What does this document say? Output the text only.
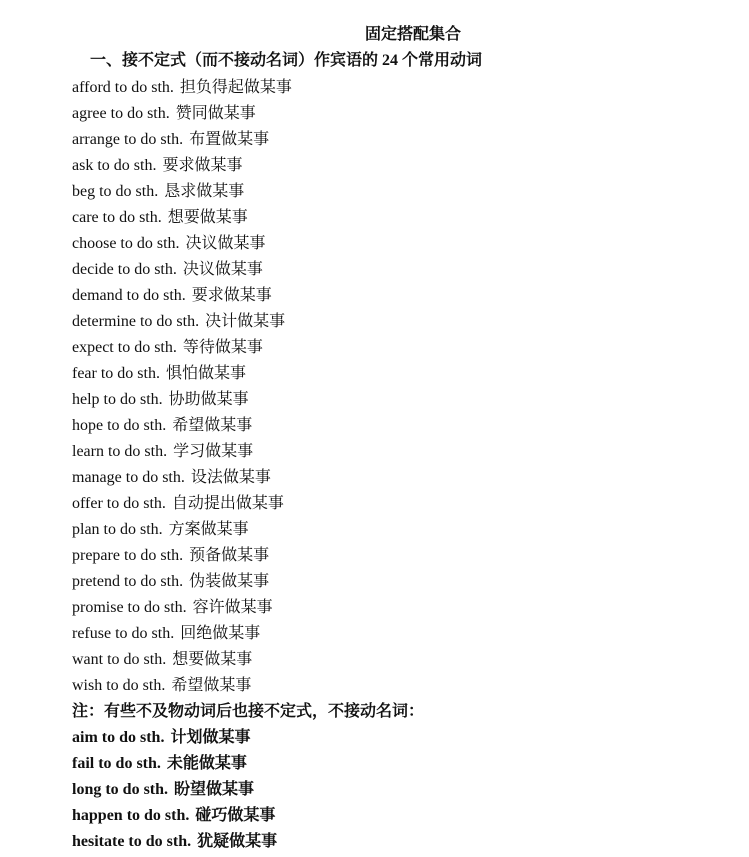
固定搭配集合
一、接不定式（而不接动名词）作宾语的 24 个常用动词
afford to do sth. 担负得起做某事
agree to do sth. 赞同做某事
arrange to do sth. 布置做某事
ask to do sth. 要求做某事
beg to do sth. 恳求做某事
care to do sth. 想要做某事
choose to do sth. 决议做某事
decide to do sth. 决议做某事
demand to do sth. 要求做某事
determine to do sth. 决计做某事
expect to do sth. 等待做某事
fear to do sth. 惧怕做某事
help to do sth. 协助做某事
hope to do sth. 希望做某事
learn to do sth. 学习做某事
manage to do sth. 设法做某事
offer to do sth. 自动提出做某事
plan to do sth. 方案做某事
prepare to do sth. 预备做某事
pretend to do sth. 伪装做某事
promise to do sth. 容许做某事
refuse to do sth. 回绝做某事
want to do sth. 想要做某事
wish to do sth. 希望做某事
注：有些不及物动词后也接不定式，不接动名词：
aim to do sth. 计划做某事
fail to do sth. 未能做某事
long to do sth. 盼望做某事
happen to do sth. 碰巧做某事
hesitate to do sth. 犹疑做某事
